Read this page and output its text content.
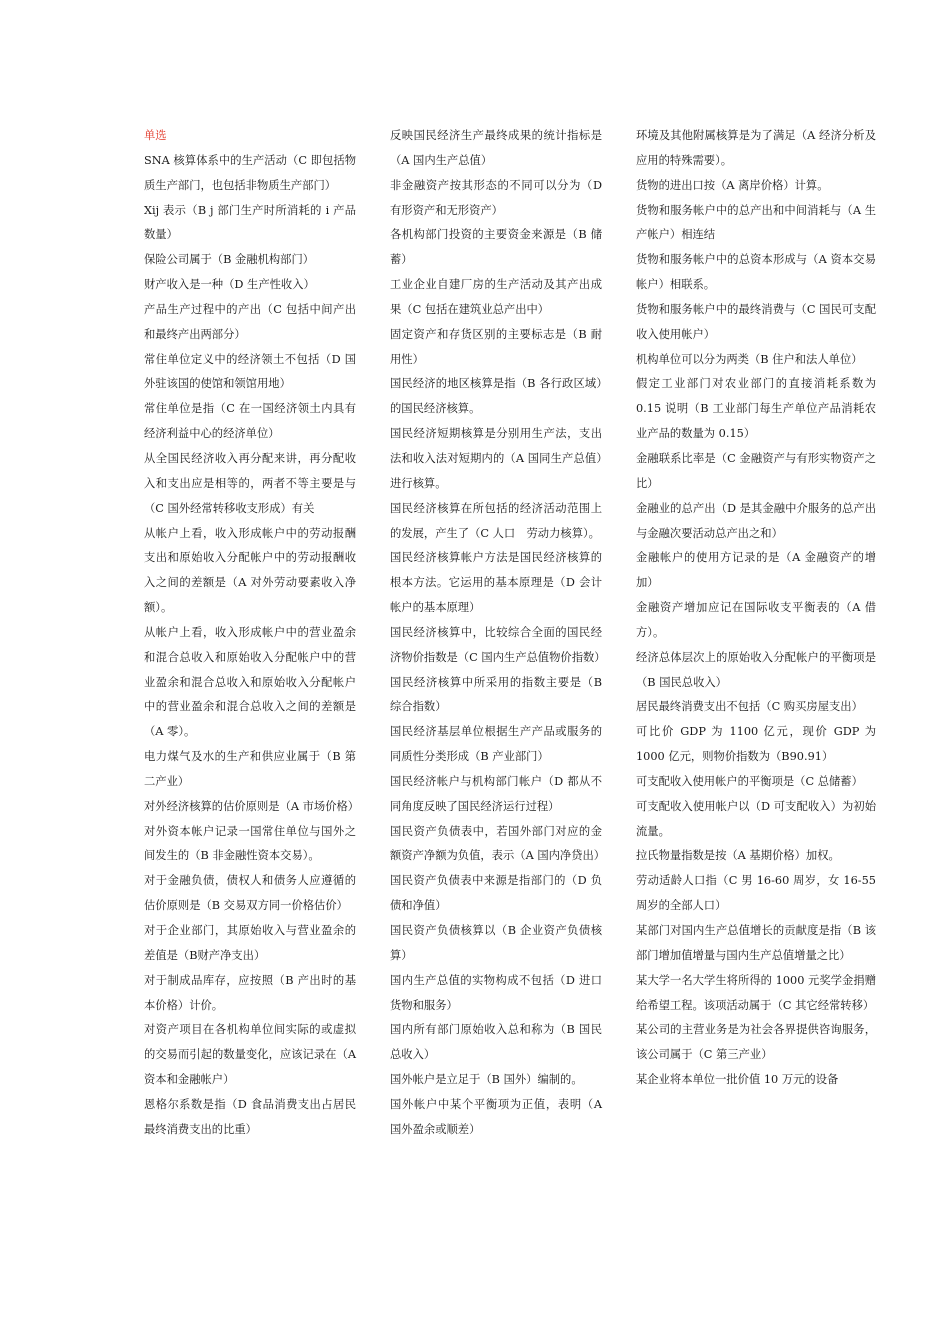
单选

SNA 核算体系中的生产活动（C 即包括物质生产部门，也包括非物质生产部门）

Xij 表示（B j 部门生产时所消耗的 i 产品数量）

保险公司属于（B 金融机构部门）

财产收入是一种（D 生产性收入）

产品生产过程中的产出（C 包括中间产出和最终产出两部分）

常住单位定义中的经济领土不包括（D 国外驻该国的使馆和领馆用地）

常住单位是指（C 在一国经济领土内具有经济利益中心的经济单位）

从全国民经济收入再分配来讲，再分配收入和支出应是相等的，两者不等主要是与（C 国外经常转移收支形成）有关

从帐户上看，收入形成帐户中的劳动报酬支出和原始收入分配帐户中的劳动报酬收入之间的差额是（A 对外劳动要素收入净额）。

从帐户上看，收入形成帐户中的营业盈余和混合总收入和原始收入分配帐户中的营业盈余和混合总收入和原始收入分配帐户中的营业盈余和混合总收入之间的差额是（A 零）。

电力煤气及水的生产和供应业属于（B 第二产业）

对外经济核算的估价原则是（A 市场价格）

对外资本帐户记录一国常住单位与国外之间发生的（B 非金融性资本交易）。

对于金融负债，债权人和债务人应遵循的估价原则是（B 交易双方同一价格估价）

对于企业部门，其原始收入与营业盈余的差值是（B财产净支出）

对于制成品库存，应按照（B 产出时的基本价格）计价。

对资产项目在各机构单位间实际的或虚拟的交易而引起的数量变化，应该记录在（A 资本和金融帐户）

恩格尔系数是指（D 食品消费支出占居民最终消费支出的比重）

反映国民经济生产最终成果的统计指标是（A 国内生产总值）

非金融资产按其形态的不同可以分为（D 有形资产和无形资产）

各机构部门投资的主要资金来源是（B 储蓄）

工业企业自建厂房的生产活动及其产出成果（C 包括在建筑业总产出中）

固定资产和存货区别的主要标志是（B 耐用性）

国民经济的地区核算是指（B 各行政区域）的国民经济核算。

国民经济短期核算是分别用生产法，支出法和收入法对短期内的（A 国同生产总值）进行核算。

国民经济核算在所包括的经济活动范围上的发展，产生了（C 人口　劳动力核算）。

国民经济核算帐户方法是国民经济核算的根本方法。它运用的基本原理是（D 会计帐户的基本原理）

国民经济核算中，比较综合全面的国民经济物价指数是（C 国内生产总值物价指数）

国民经济核算中所采用的指数主要是（B 综合指数）

国民经济基层单位根据生产产品或服务的同质性分类形成（B 产业部门）

国民经济帐户与机构部门帐户（D 都从不同角度反映了国民经济运行过程）

国民资产负债表中，若国外部门对应的金额资产净额为负值，表示（A 国内净贷出）

国民资产负债表中来源是指部门的（D 负债和净值）

国民资产负债核算以（B 企业资产负债核算）

国内生产总值的实物构成不包括（D 进口货物和服务）

国内所有部门原始收入总和称为（B 国民总收入）

国外帐户是立足于（B 国外）编制的。

国外帐户中某个平衡项为正值，表明（A 国外盈余或顺差）

环境及其他附属核算是为了满足（A 经济分析及应用的特殊需要）。

货物的进出口按（A 离岸价格）计算。

货物和服务帐户中的总产出和中间消耗与（A 生产帐户）相连结

货物和服务帐户中的总资本形成与（A 资本交易帐户）相联系。

货物和服务帐户中的最终消费与（C 国民可支配收入使用帐户）

机构单位可以分为两类（B 住户和法人单位）

假定工业部门对农业部门的直接消耗系数为 0.15 说明（B 工业部门每生产单位产品消耗农业产品的数量为 0.15）

金融联系比率是（C 金融资产与有形实物资产之比）

金融业的总产出（D 是其金融中介服务的总产出与金融次要活动总产出之和）

金融帐户的使用方记录的是（A 金融资产的增加）

金融资产增加应记在国际收支平衡表的（A 借方）。

经济总体层次上的原始收入分配帐户的平衡项是（B 国民总收入）

居民最终消费支出不包括（C 购买房屋支出）

可比价 GDP 为 1100 亿元，现价 GDP 为 1000 亿元，则物价指数为（B90.91）

可支配收入使用帐户的平衡项是（C 总储蓄）

可支配收入使用帐户以（D 可支配收入）为初始流量。

拉氏物量指数是按（A 基期价格）加权。

劳动适龄人口指（C 男 16-60 周岁，女 16-55 周岁的全部人口）

某部门对国内生产总值增长的贡献度是指（B 该部门增加值增量与国内生产总值增量之比）

某大学一名大学生将所得的 1000 元奖学金捐赠给希望工程。该项活动属于（C 其它经常转移）

某公司的主营业务是为社会各界提供咨询服务，该公司属于（C 第三产业）

某企业将本单位一批价值 10 万元的设备
